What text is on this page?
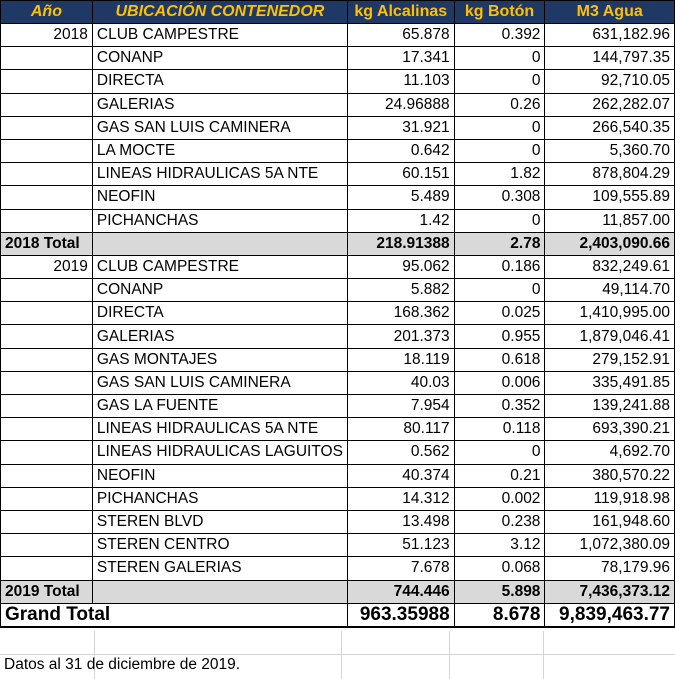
Año	UBICACIÓN CONTENEDOR	kg Alcalinas	kg Botón	M3 Agua
2018	CLUB CAMPESTRE	65.878	0.392	631,182.96
	CONANP	17.341	0	144,797.35
	DIRECTA	11.103	0	92,710.05
	GALERIAS	24.96888	0.26	262,282.07
	GAS SAN LUIS CAMINERA	31.921	0	266,540.35
	LA MOCTE	0.642	0	5,360.70
	LINEAS HIDRAULICAS 5A NTE	60.151	1.82	878,804.29
	NEOFIN	5.489	0.308	109,555.89
	PICHANCHAS	1.42	0	11,857.00
2018 Total		218.91388	2.78	2,403,090.66
2019	CLUB CAMPESTRE	95.062	0.186	832,249.61
	CONANP	5.882	0	49,114.70
	DIRECTA	168.362	0.025	1,410,995.00
	GALERIAS	201.373	0.955	1,879,046.41
	GAS MONTAJES	18.119	0.618	279,152.91
	GAS SAN LUIS CAMINERA	40.03	0.006	335,491.85
	GAS LA FUENTE	7.954	0.352	139,241.88
	LINEAS HIDRAULICAS 5A NTE	80.117	0.118	693,390.21
	LINEAS HIDRAULICAS LAGUITOS	0.562	0	4,692.70
	NEOFIN	40.374	0.21	380,570.22
	PICHANCHAS	14.312	0.002	119,918.98
	STEREN BLVD	13.498	0.238	161,948.60
	STEREN CENTRO	51.123	3.12	1,072,380.09
	STEREN GALERIAS	7.678	0.068	78,179.96
2019 Total		744.446	5.898	7,436,373.12
Grand Total		963.35988	8.678	9,839,463.77
Datos al 31 de diciembre de 2019.
